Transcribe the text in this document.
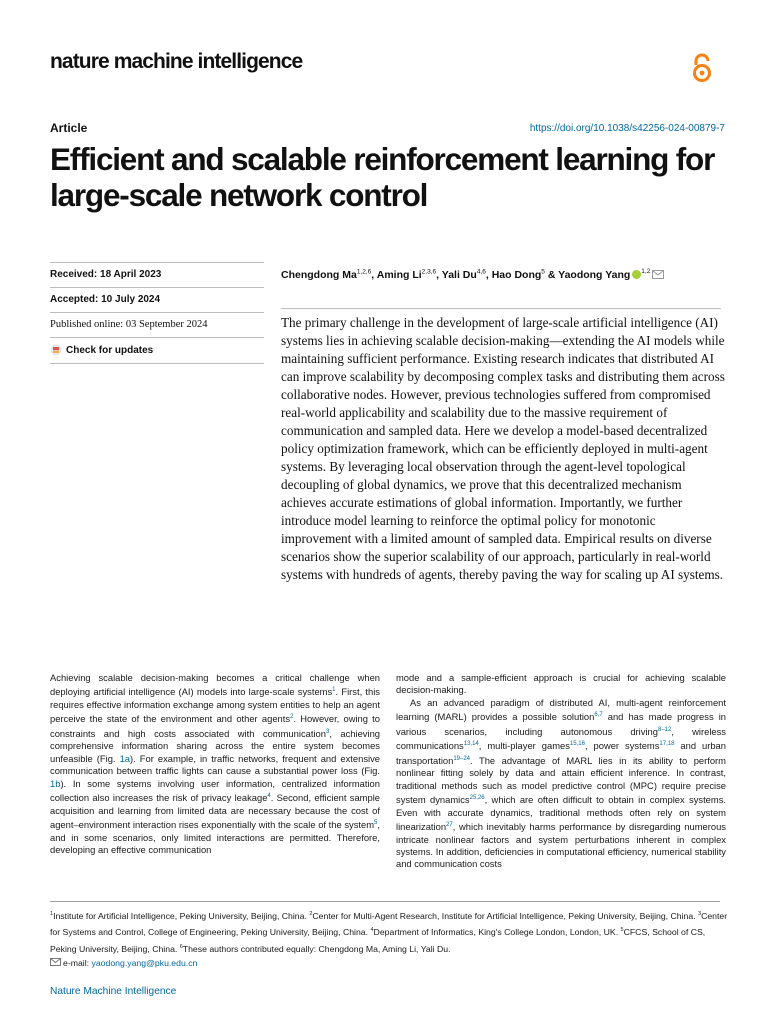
nature machine intelligence
Article	https://doi.org/10.1038/s42256-024-00879-7
Efficient and scalable reinforcement learning for large-scale network control
Received: 18 April 2023
Accepted: 10 July 2024
Published online: 03 September 2024
Check for updates
Chengdong Ma$^{1,2,6}$, Aming Li$^{2,3,6}$, Yali Du$^{4,6}$, Hao Dong$^5$ & Yaodong Yang $^{1,2}$

The primary challenge in the development of large-scale artificial intelligence (AI) systems lies in achieving scalable decision-making—extending the AI models while maintaining sufficient performance. Existing research indicates that distributed AI can improve scalability by decomposing complex tasks and distributing them across collaborative nodes. However, previous technologies suffered from compromised real-world applicability and scalability due to the massive requirement of communication and sampled data. Here we develop a model-based decentralized policy optimization framework, which can be efficiently deployed in multi-agent systems. By leveraging local observation through the agent-level topological decoupling of global dynamics, we prove that this decentralized mechanism achieves accurate estimations of global information. Importantly, we further introduce model learning to reinforce the optimal policy for monotonic improvement with a limited amount of sampled data. Empirical results on diverse scenarios show the superior scalability of our approach, particularly in real-world systems with hundreds of agents, thereby paving the way for scaling up AI systems.

Achieving scalable decision-making becomes a critical challenge when deploying artificial intelligence (AI) models into large-scale systems$^1$. First, this requires effective information exchange among system entities to help an agent perceive the state of the environment and other agents$^2$. However, owing to constraints and high costs associated with communication$^3$, achieving comprehensive information sharing across the entire system becomes unfeasible (Fig. 1a). For example, in traffic networks, frequent and extensive communication between traffic lights can cause a substantial power loss (Fig. 1b). In some systems involving user information, centralized information collection also increases the risk of privacy leakage$^4$. Second, efficient sample acquisition and learning from limited data are necessary because the cost of agent–environment interaction rises exponentially with the scale of the system$^5$, and in some scenarios, only limited interactions are permitted. Therefore, developing an effective communication

mode and a sample-efficient approach is crucial for achieving scalable decision-making.

As an advanced paradigm of distributed AI, multi-agent reinforcement learning (MARL) provides a possible solution$^{6,7}$ and has made progress in various scenarios, including autonomous driving$^{8-12}$, wireless communications$^{13,14}$, multi-player games$^{15,16}$, power systems$^{17,18}$ and urban transportation$^{19-24}$. The advantage of MARL lies in its ability to perform nonlinear fitting solely by data and attain efficient inference. In contrast, traditional methods such as model predictive control (MPC) require precise system dynamics$^{25,26}$, which are often difficult to obtain in complex systems. Even with accurate dynamics, traditional methods often rely on system linearization$^{27}$, which inevitably harms performance by disregarding numerous intricate nonlinear factors and system perturbations inherent in complex systems. In addition, deficiencies in computational efficiency, numerical stability and communication costs

$^1$Institute for Artificial Intelligence, Peking University, Beijing, China. $^2$Center for Multi-Agent Research, Institute for Artificial Intelligence, Peking University, Beijing, China. $^3$Center for Systems and Control, College of Engineering, Peking University, Beijing, China. $^4$Department of Informatics, King's College London, London, UK. $^5$CFCS, School of CS, Peking University, Beijing, China. $^6$These authors contributed equally: Chengdong Ma, Aming Li, Yali Du.
e-mail: yaodong.yang@pku.edu.cn
Nature Machine Intelligence
